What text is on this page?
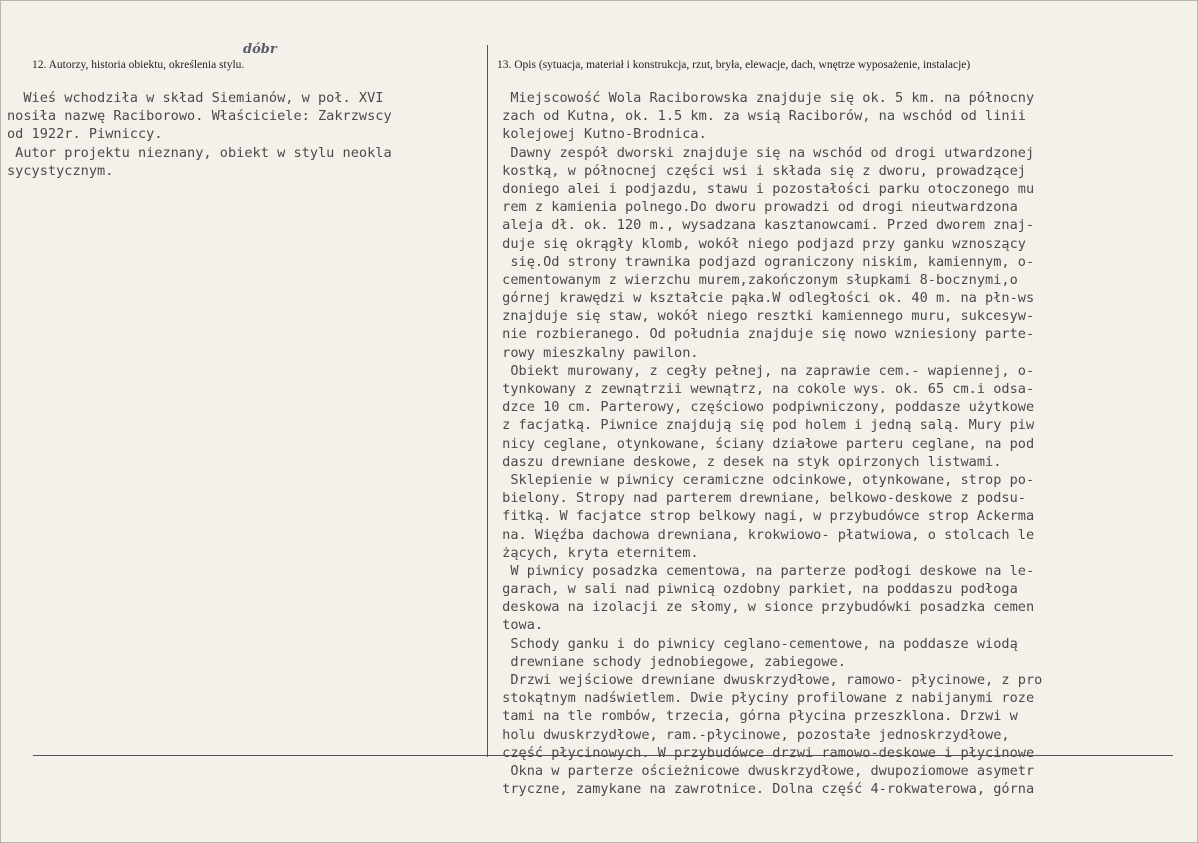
12. Autorzy, historia obiektu, określenia stylu.	13. Opis (sytuacja, materiał i konstrukcja, rzut, bryła, elewacje, dach, wnętrze wyposażenie, instalacje)
dóbr
Wieś wchodziła w skład Siemianów, w poł. XVI
nosiła nazwę Raciborowo. Właściciele: Zakrzwscy
od 1922r. Piwniccy.
Autor projektu nieznany, obiekt w stylu neokla
sycystycznym.
Miejscowość Wola Raciborowska znajduje się ok. 5 km. na północny
zach od Kutna, ok. 1.5 km. za wsią Raciborów, na wschód od linii
kolejowej Kutno-Brodnica.
Dawny zespół dworski znajduje się na wschód od drogi utwardzonej
kostką, w północnej części wsi i składa się z dworu, prowadzącej
doniego alei i podjazdu, stawu i pozostałości parku otoczonego mu
rem z kamienia polnego.Do dworu prowadzi od drogi nieutwardzona
aleja dł. ok. 120 m., wysadzana kasztanowcami. Przed dworem znaj-
duje się okrągły klomb, wokół niego podjazd przy ganku wznoszący
się.Od strony trawnika podjazd ograniczony niskim, kamiennym, o-
cementowanym z wierzchu murem,zakończonym słupkami 8-bocznymi,o
górnej krawędzi w kształcie pąka.W odległości ok. 40 m. na płn-ws
znajduje się staw, wokół niego resztki kamiennego muru, sukcesyw-
nie rozbieranego. Od południa znajduje się nowo wzniesiony parte-
rowy mieszkalny pawilon.
Obiekt murowany, z cegły pełnej, na zaprawie cem.- wapiennej, o-
tynkowany z zewnątrzii wewnątrz, na cokole wys. ok. 65 cm.i odsa-
dzce 10 cm. Parterowy, częściowo podpiwniczony, poddasze użytkowe
z facjatką. Piwnice znajdują się pod holem i jedną salą. Mury piw
nicy ceglane, otynkowane, ściany działowe parteru ceglane, na pod
daszu drewniane deskowe, z desek na styk opirzonych listwami.
Sklepienie w piwnicy ceramiczne odcinkowe, otynkowane, strop po-
bielony. Stropy nad parterem drewniane, belkowo-deskowe z podsu-
fitką. W facjatce strop belkowy nagi, w przybudówce strop Ackerma
na. Więźba dachowa drewniana, krokwiowo- płatwiowa, o stolcach le
żących, kryta eternitem.
W piwnicy posadzka cementowa, na parterze podłogi deskowe na le-
garach, w sali nad piwnicą ozdobny parkiet, na poddaszu podłoga
deskowa na izolacji ze słomy, w sionce przybudówki posadzka cemen
towa.
Schody ganku i do piwnicy ceglano-cementowe, na poddasze wiodą
drewniane schody jednobiegowe, zabiegowe.
Drzwi wejściowe drewniane dwuskrzydłowe, ramowo- płycinowe, z pro
stokątnym nadświetlem. Dwie płyciny profilowane z nabijanymi roze
tami na tle rombów, trzecia, górna płycina przeszklona. Drzwi w
holu dwuskrzydłowe, ram.-płycinowe, pozostałe jednoskrzydłowe,
część płycinowych. W przybudówce drzwi ramowo-deskowe i płycinowe
Okna w parterze ościeżnicowe dwuskrzydłowe, dwupoziomowe asymetr
tryczne, zamykane na zawrotnice. Dolna część 4-rokwaterowa, górna
